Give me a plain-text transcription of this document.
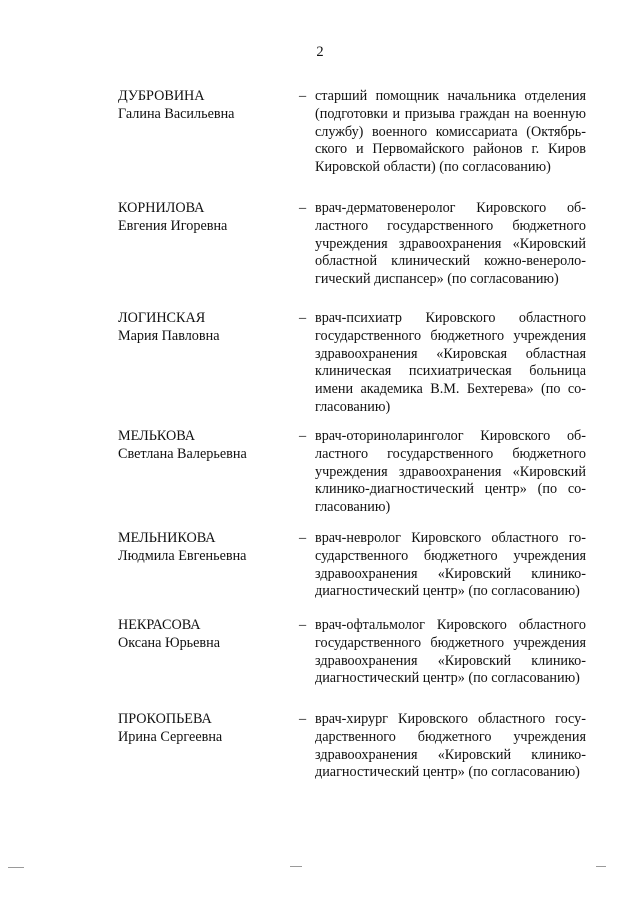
2
ДУБРОВИНА
Галина Васильевна
– старший помощник начальника отделения
(подготовки и призыва граждан на военную
службу) военного комиссариата (Октябрь-
ского и Первомайского районов г. Киров
Кировской области) (по согласованию)
КОРНИЛОВА
Евгения Игоревна
– врач-дерматовенеролог Кировского об-
ластного государственного бюджетного
учреждения здравоохранения «Кировский
областной клинический кожно-венероло-
гический диспансер» (по согласованию)
ЛОГИНСКАЯ
Мария Павловна
– врач-психиатр Кировского областного
государственного бюджетного учреждения
здравоохранения «Кировская областная
клиническая психиатрическая больница
имени академика В.М. Бехтерева» (по со-
гласованию)
МЕЛЬКОВА
Светлана Валерьевна
– врач-оториноларинголог Кировского об-
ластного государственного бюджетного
учреждения здравоохранения «Кировский
клинико-диагностический центр» (по со-
гласованию)
МЕЛЬНИКОВА
Людмила Евгеньевна
– врач-невролог Кировского областного го-
сударственного бюджетного учреждения
здравоохранения «Кировский клинико-
диагностический центр» (по согласованию)
НЕКРАСОВА
Оксана Юрьевна
– врач-офтальмолог Кировского областного
государственного бюджетного учреждения
здравоохранения «Кировский клинико-
диагностический центр» (по согласованию)
ПРОКОПЬЕВА
Ирина Сергеевна
– врач-хирург Кировского областного госу-
дарственного бюджетного учреждения
здравоохранения «Кировский клинико-
диагностический центр» (по согласованию)
